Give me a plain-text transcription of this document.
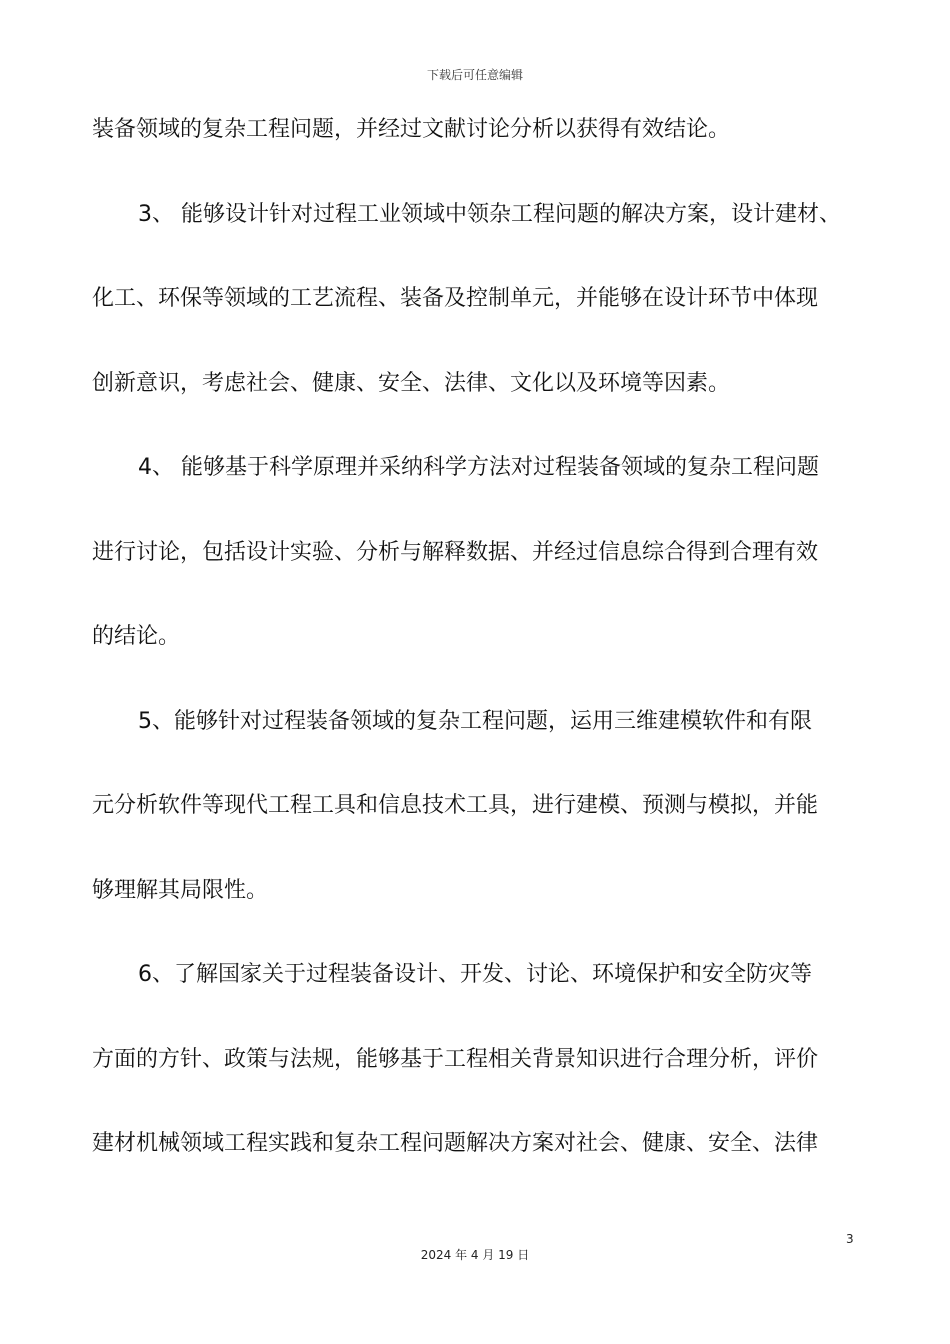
下载后可任意编辑
装备领域的复杂工程问题，并经过文献讨论分析以获得有效结论。
3、 能够设计针对过程工业领域中领杂工程问题的解决方案，设计建材、
化工、环保等领域的工艺流程、装备及控制单元，并能够在设计环节中体现
创新意识，考虑社会、健康、安全、法律、文化以及环境等因素。
4、 能够基于科学原理并采纳科学方法对过程装备领域的复杂工程问题
进行讨论，包括设计实验、分析与解释数据、并经过信息综合得到合理有效
的结论。
5、能够针对过程装备领域的复杂工程问题，运用三维建模软件和有限
元分析软件等现代工程工具和信息技术工具，进行建模、预测与模拟，并能
够理解其局限性。
6、了解国家关于过程装备设计、开发、讨论、环境保护和安全防灾等
方面的方针、政策与法规，能够基于工程相关背景知识进行合理分析，评价
建材机械领域工程实践和复杂工程问题解决方案对社会、健康、安全、法律
3
2024 年 4 月 19 日
